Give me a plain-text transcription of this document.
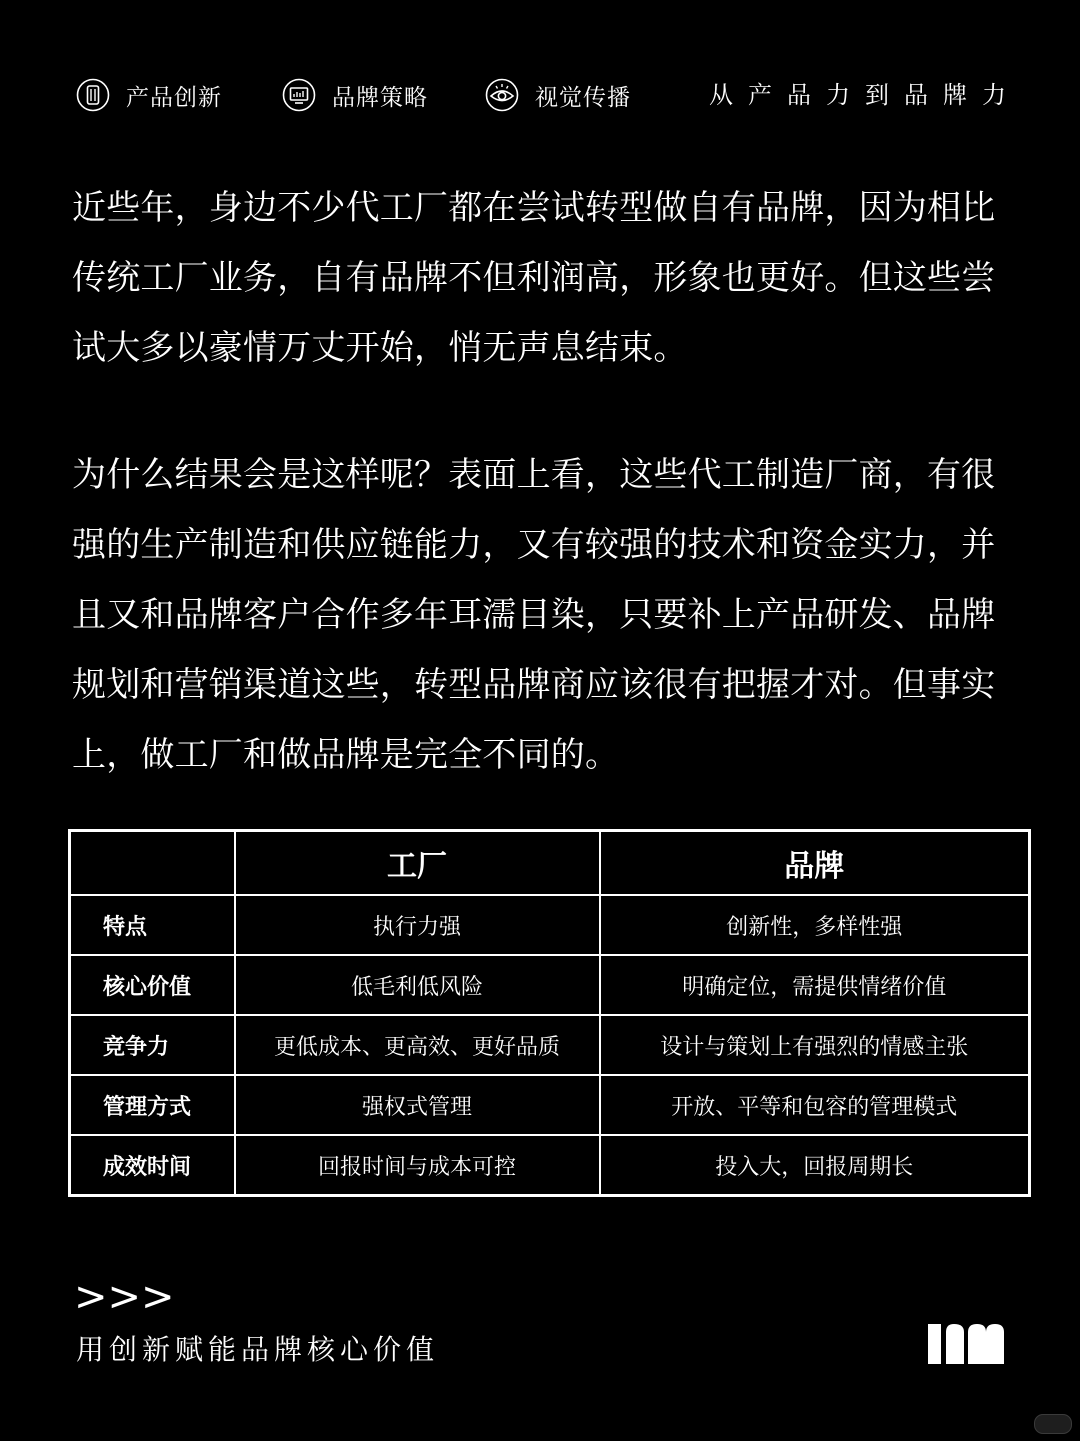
产品创新	品牌策略	视觉传播	从产品力到品牌力

近些年，身边不少代工厂都在尝试转型做自有品牌，因为相比传统工厂业务，自有品牌不但利润高，形象也更好。但这些尝试大多以豪情万丈开始，悄无声息结束。

为什么结果会是这样呢？表面上看，这些代工制造厂商，有很强的生产制造和供应链能力，又有较强的技术和资金实力，并且又和品牌客户合作多年耳濡目染，只要补上产品研发、品牌规划和营销渠道这些，转型品牌商应该很有把握才对。但事实上，做工厂和做品牌是完全不同的。

	工厂	品牌
特点	执行力强	创新性，多样性强
核心价值	低毛利低风险	明确定位，需提供情绪价值
竞争力	更低成本、更高效、更好品质	设计与策划上有强烈的情感主张
管理方式	强权式管理	开放、平等和包容的管理模式
成效时间	回报时间与成本可控	投入大，回报周期长
>>>
用创新赋能品牌核心价值
